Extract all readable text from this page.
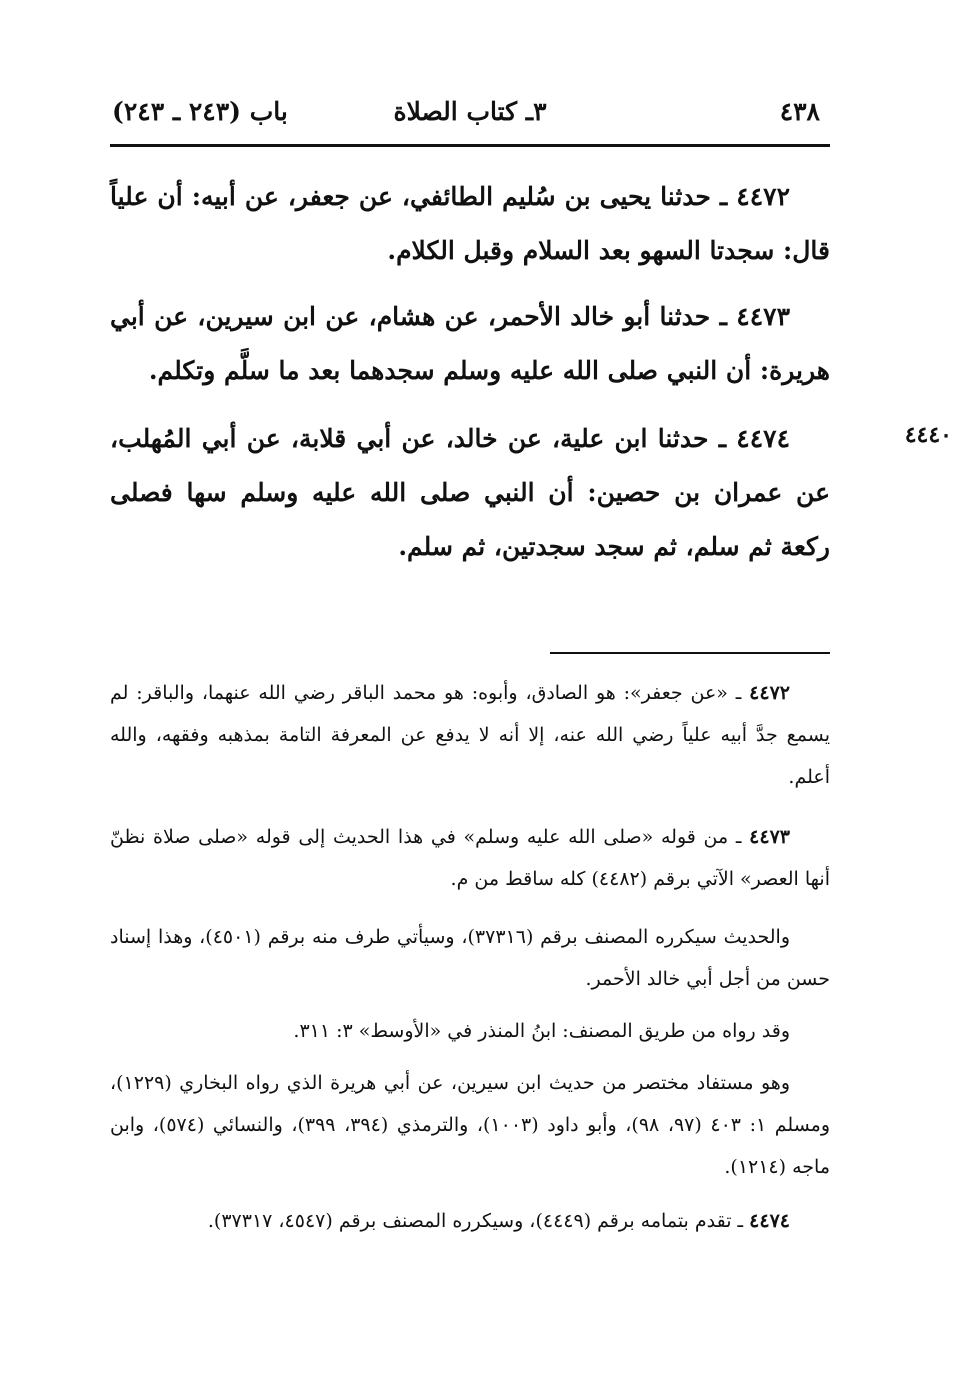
٤٣٨
٣ـ كتاب الصلاة
باب (٢٤٣ ـ ٢٤٣)

٤٤٧٢ ـ حدثنا يحيى بن سُليم الطائفي، عن جعفر، عن أبيه: أن علياً قال: سجدتا السهو بعد السلام وقبل الكلام.

٤٤٧٣ ـ حدثنا أبو خالد الأحمر، عن هشام، عن ابن سيرين، عن أبي هريرة: أن النبي صلى الله عليه وسلم سجدهما بعد ما سلَّم وتكلم.

٤٤٧٤ ـ حدثنا ابن علية، عن خالد، عن أبي قلابة، عن أبي المُهلب، عن عمران بن حصين: أن النبي صلى الله عليه وسلم سها فصلى ركعة ثم سلم، ثم سجد سجدتين، ثم سلم.

٤٤٤٠

٤٤٧٢ ـ «عن جعفر»: هو الصادق، وأبوه: هو محمد الباقر رضي الله عنهما، والباقر: لم يسمع جدَّ أبيه علياً رضي الله عنه، إلا أنه لا يدفع عن المعرفة التامة بمذهبه وفقهه، والله أعلم.

٤٤٧٣ ـ من قوله «صلى الله عليه وسلم» في هذا الحديث إلى قوله «صلى صلاة نظنّ أنها العصر» الآتي برقم (٤٤٨٢) كله ساقط من م.

والحديث سيكرره المصنف برقم (٣٧٣١٦)، وسيأتي طرف منه برقم (٤٥٠١)، وهذا إسناد حسن من أجل أبي خالد الأحمر.

وقد رواه من طريق المصنف: ابنُ المنذر في «الأوسط» ٣: ٣١١.

وهو مستفاد مختصر من حديث ابن سيرين، عن أبي هريرة الذي رواه البخاري (١٢٢٩)، ومسلم ١: ٤٠٣ (٩٧، ٩٨)، وأبو داود (١٠٠٣)، والترمذي (٣٩٤، ٣٩٩)، والنسائي (٥٧٤)، وابن ماجه (١٢١٤).

٤٤٧٤ ـ تقدم بتمامه برقم (٤٤٤٩)، وسيكرره المصنف برقم (٤٥٤٧، ٣٧٣١٧).
